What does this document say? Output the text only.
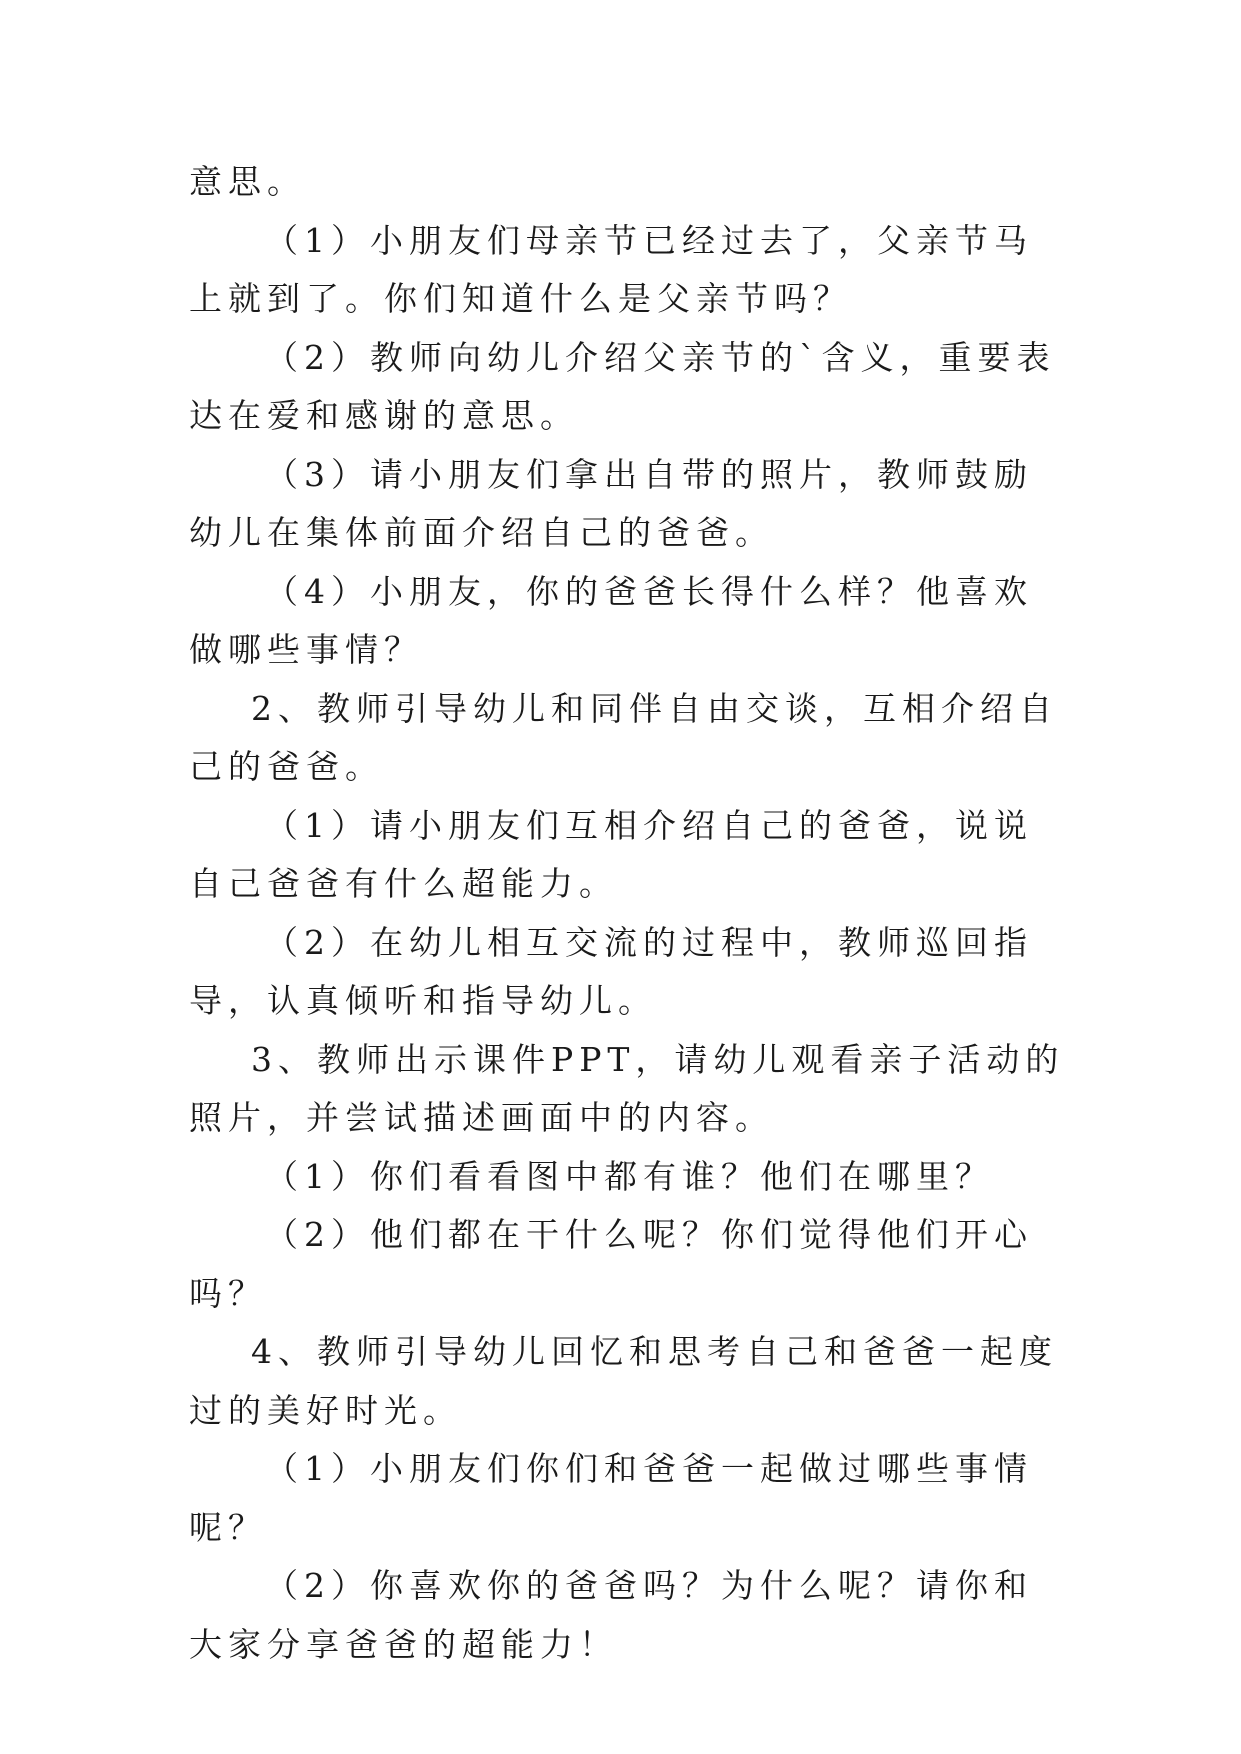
意思。

（1）小朋友们母亲节已经过去了，父亲节马上就到了。你们知道什么是父亲节吗？

（2）教师向幼儿介绍父亲节的`含义，重要表达在爱和感谢的意思。

（3）请小朋友们拿出自带的照片，教师鼓励幼儿在集体前面介绍自己的爸爸。

（4）小朋友，你的爸爸长得什么样？他喜欢做哪些事情？

2、教师引导幼儿和同伴自由交谈，互相介绍自己的爸爸。

（1）请小朋友们互相介绍自己的爸爸，说说自己爸爸有什么超能力。

（2）在幼儿相互交流的过程中，教师巡回指导，认真倾听和指导幼儿。

3、教师出示课件PPT，请幼儿观看亲子活动的照片，并尝试描述画面中的内容。

（1）你们看看图中都有谁？他们在哪里？

（2）他们都在干什么呢？你们觉得他们开心吗？

4、教师引导幼儿回忆和思考自己和爸爸一起度过的美好时光。

（1）小朋友们你们和爸爸一起做过哪些事情呢？

（2）你喜欢你的爸爸吗？为什么呢？请你和大家分享爸爸的超能力！
